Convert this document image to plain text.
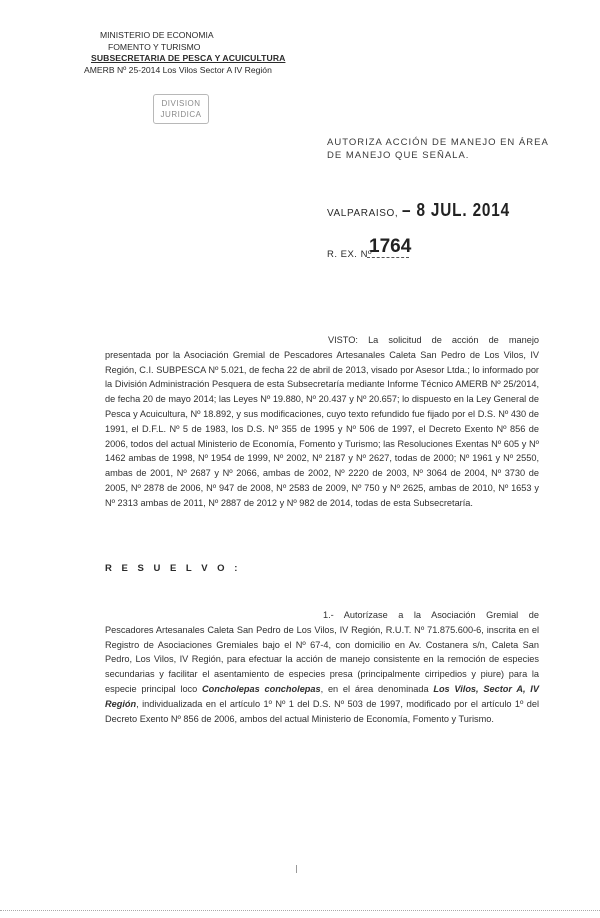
MINISTERIO DE ECONOMIA
FOMENTO Y TURISMO
SUBSECRETARIA DE PESCA Y ACUICULTURA
AMERB Nº 25-2014 Los Vilos Sector A IV Región
DIVISION
JURIDICA
AUTORIZA ACCIÓN DE MANEJO EN ÁREA DE MANEJO QUE SEÑALA.
VALPARAISO, – 8 JUL. 2014
R. EX. Nº
1764
VISTO: La solicitud de acción de manejo presentada por la Asociación Gremial de Pescadores Artesanales Caleta San Pedro de Los Vilos, IV Región, C.I. SUBPESCA Nº 5.021, de fecha 22 de abril de 2013, visado por Asesor Ltda.; lo informado por la División Administración Pesquera de esta Subsecretaría mediante Informe Técnico AMERB Nº 25/2014, de fecha 20 de mayo 2014; las Leyes Nº 19.880, Nº 20.437 y Nº 20.657; lo dispuesto en la Ley General de Pesca y Acuicultura, Nº 18.892, y sus modificaciones, cuyo texto refundido fue fijado por el D.S. Nº 430 de 1991, el D.F.L. Nº 5 de 1983, los D.S. Nº 355 de 1995 y Nº 506 de 1997, el Decreto Exento Nº 856 de 2006, todos del actual Ministerio de Economía, Fomento y Turismo; las Resoluciones Exentas Nº 605 y Nº 1462 ambas de 1998, Nº 1954 de 1999, Nº 2002, Nº 2187 y Nº 2627, todas de 2000; Nº 1961 y Nº 2550, ambas de 2001, Nº 2687 y Nº 2066, ambas de 2002, Nº 2220 de 2003, Nº 3064 de 2004, Nº 3730 de 2005, Nº 2878 de 2006, Nº 947 de 2008, Nº 2583 de 2009, Nº 750 y Nº 2625, ambas de 2010, Nº 1653 y Nº 2313 ambas de 2011, Nº 2887 de 2012 y Nº 982 de 2014, todas de esta Subsecretaría.
R E S U E L V O :
1.- Autorízase a la Asociación Gremial de Pescadores Artesanales Caleta San Pedro de Los Vilos, IV Región, R.U.T. Nº 71.875.600-6, inscrita en el Registro de Asociaciones Gremiales bajo el Nº 67-4, con domicilio en Av. Costanera s/n, Caleta San Pedro, Los Vilos, IV Región, para efectuar la acción de manejo consistente en la remoción de especies secundarias y facilitar el asentamiento de especies presa (principalmente cirripedios y piure) para la especie principal loco Concholepas concholepas, en el área denominada Los Vilos, Sector A, IV Región, individualizada en el artículo 1º Nº 1 del D.S. Nº 503 de 1997, modificado por el artículo 1º del Decreto Exento Nº 856 de 2006, ambos del actual Ministerio de Economía, Fomento y Turismo.
